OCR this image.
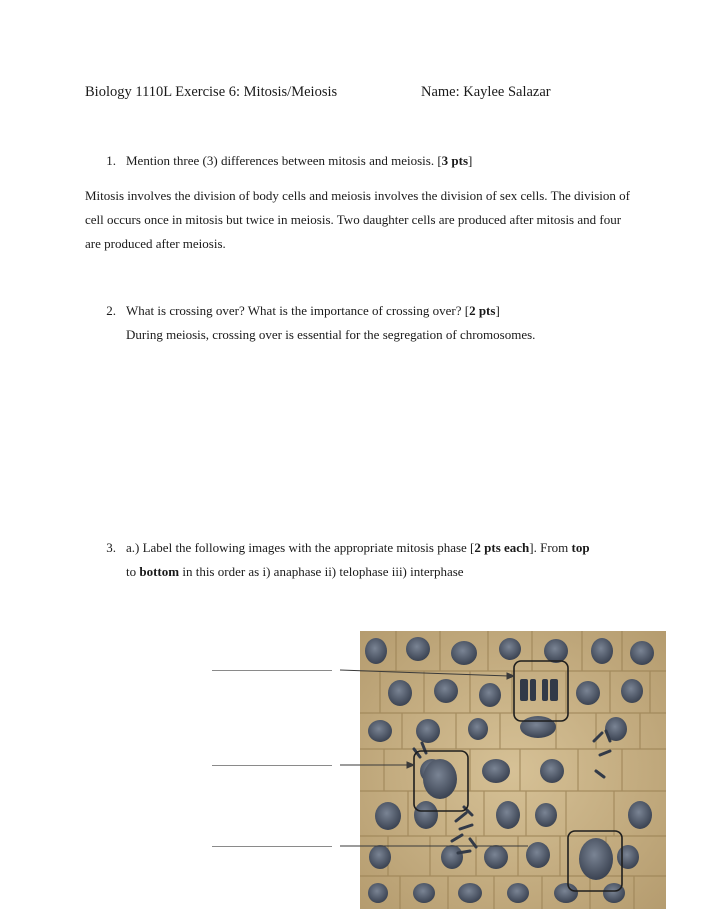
Biology 1110L Exercise 6: Mitosis/Meiosis	Name: Kaylee Salazar
1. Mention three (3) differences between mitosis and meiosis. [3 pts]
Mitosis involves the division of body cells and meiosis involves the division of sex cells. The division of cell occurs once in mitosis but twice in meiosis. Two daughter cells are produced after mitosis and four are produced after meiosis.
2. What is crossing over? What is the importance of crossing over? [2 pts]
During meiosis, crossing over is essential for the segregation of chromosomes.
3. a.) Label the following images with the appropriate mitosis phase [2 pts each]. From top
to bottom in this order as i) anaphase ii) telophase iii) interphase
